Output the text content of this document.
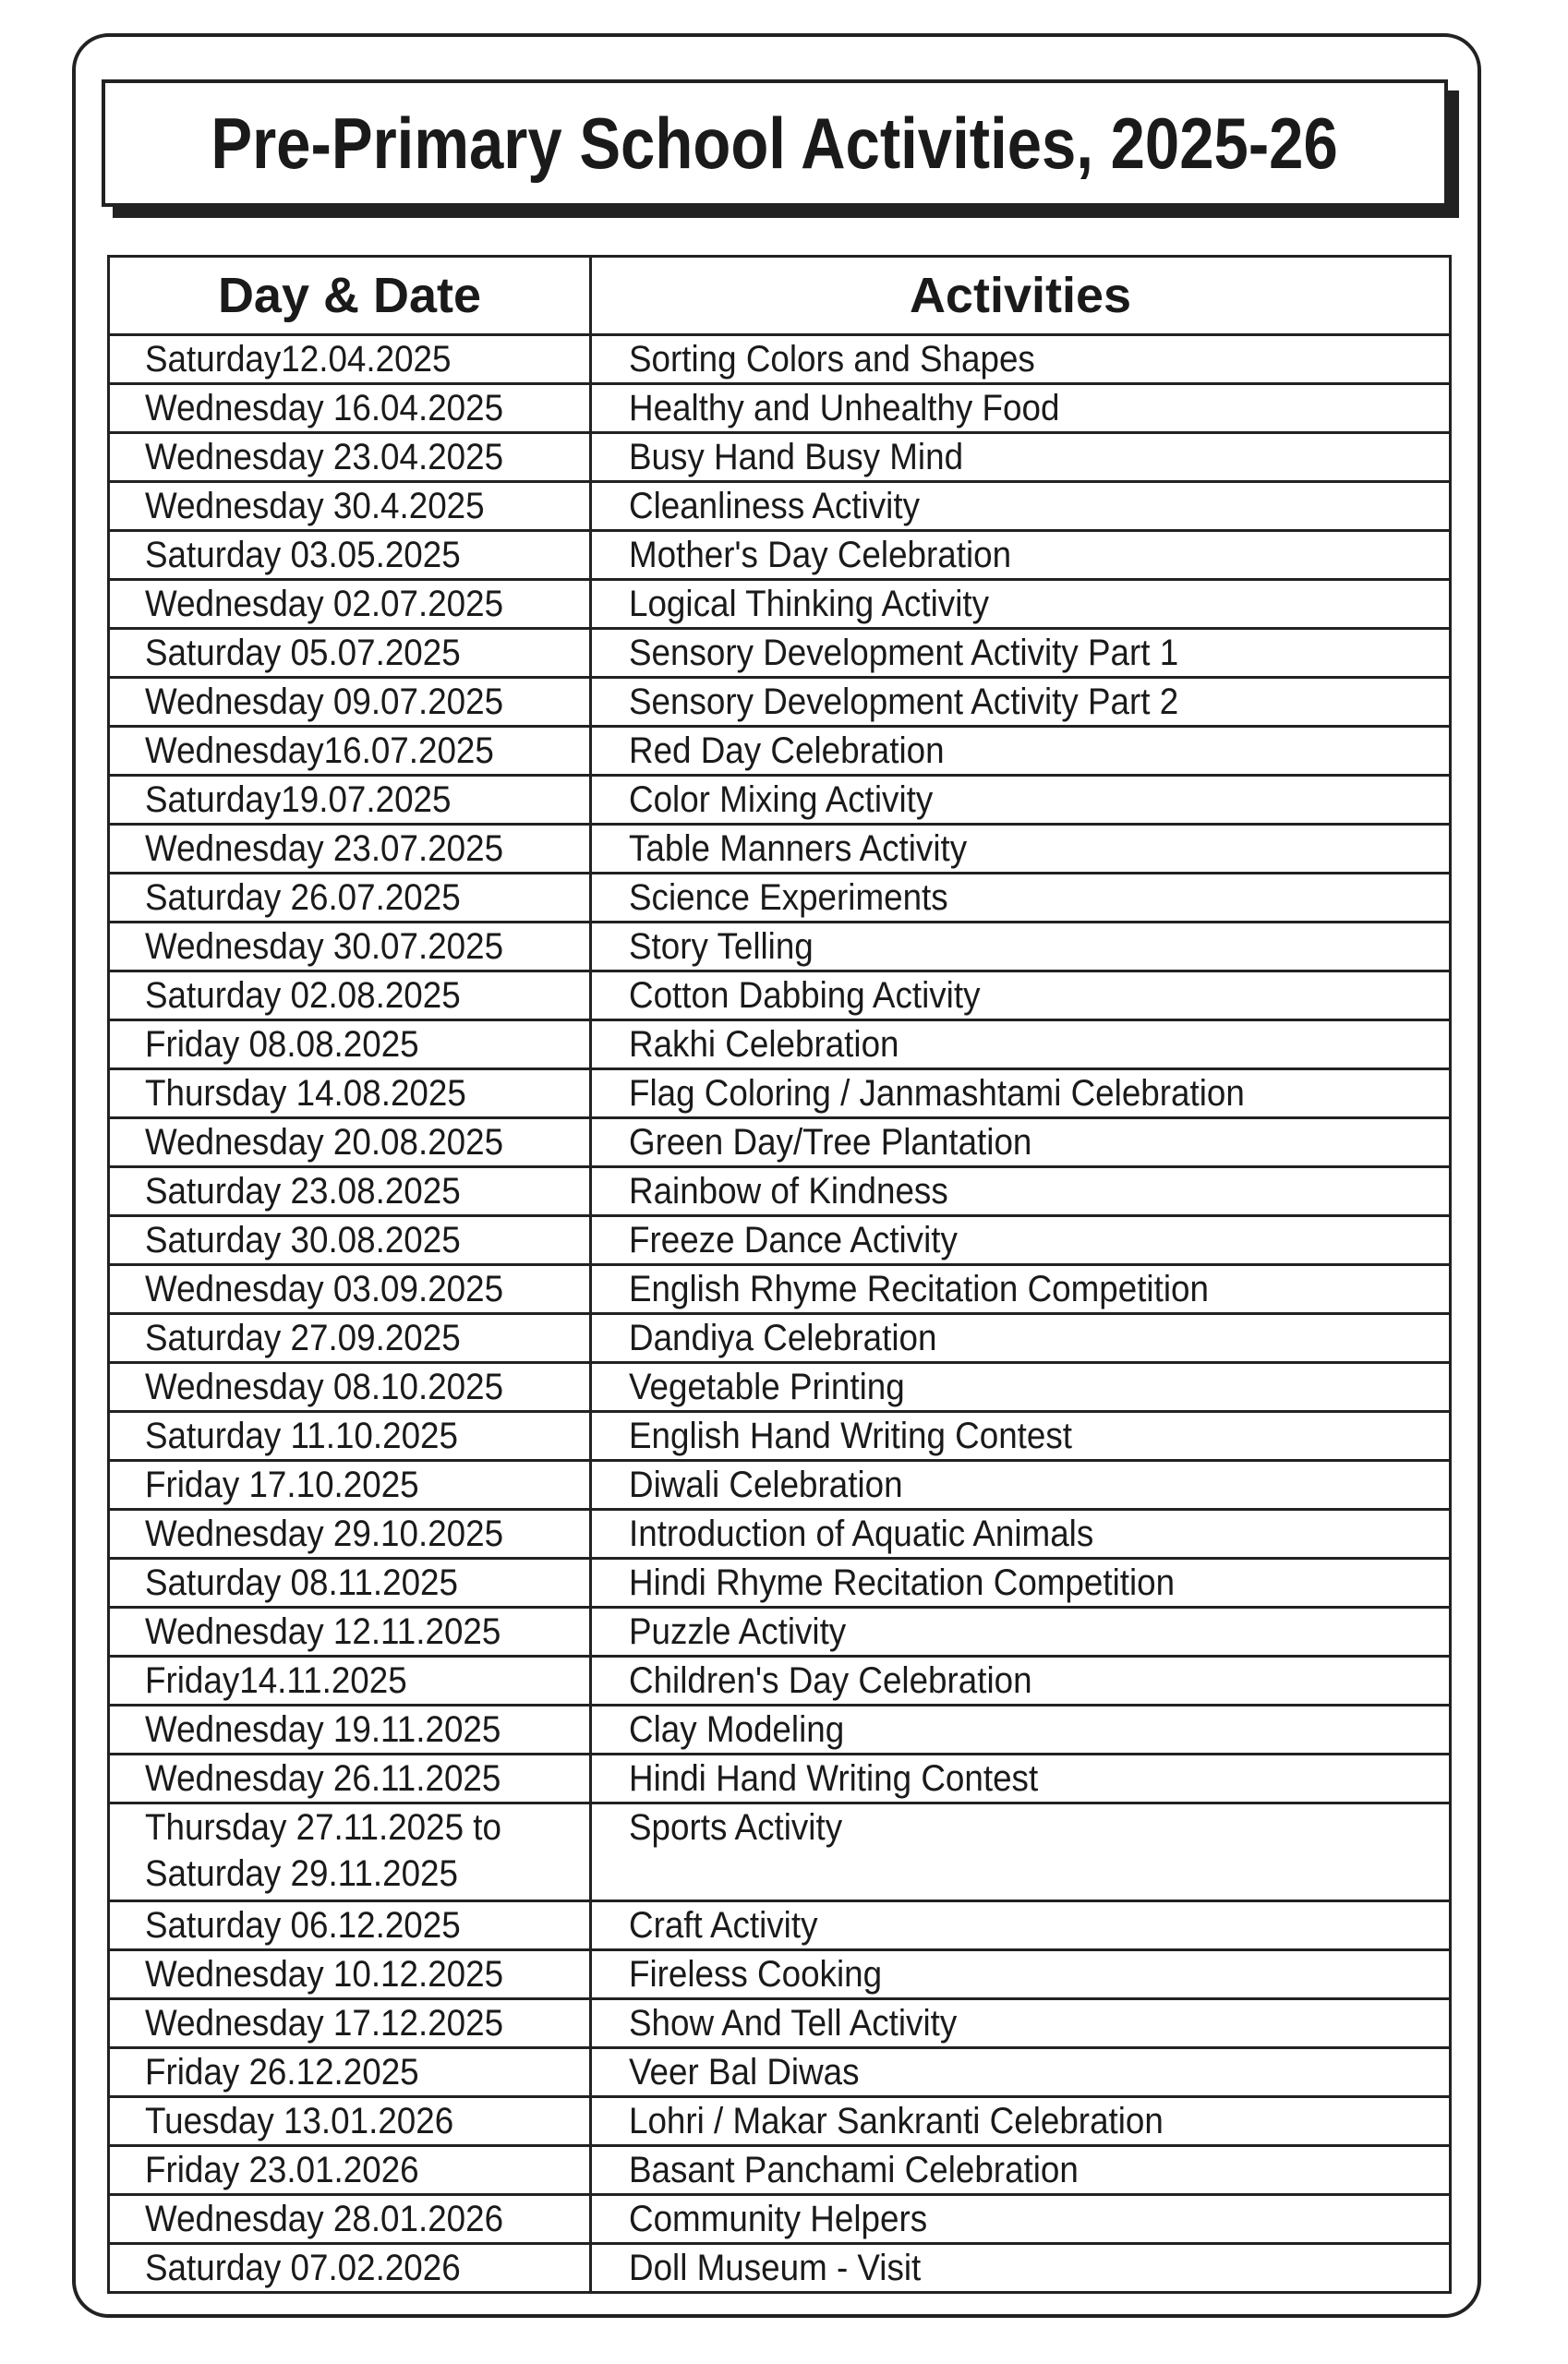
Pre-Primary School Activities, 2025-26
Day & Date	Activities
Saturday12.04.2025	Sorting Colors and Shapes
Wednesday 16.04.2025	Healthy and Unhealthy Food
Wednesday 23.04.2025	Busy Hand Busy Mind
Wednesday 30.4.2025	Cleanliness Activity
Saturday 03.05.2025	Mother's Day Celebration
Wednesday 02.07.2025	Logical Thinking Activity
Saturday 05.07.2025	Sensory Development Activity Part 1
Wednesday 09.07.2025	Sensory Development Activity Part 2
Wednesday16.07.2025	Red Day Celebration
Saturday19.07.2025	Color Mixing Activity
Wednesday 23.07.2025	Table Manners Activity
Saturday 26.07.2025	Science Experiments
Wednesday 30.07.2025	Story Telling
Saturday 02.08.2025	Cotton Dabbing Activity
Friday 08.08.2025	Rakhi Celebration
Thursday 14.08.2025	Flag Coloring / Janmashtami Celebration
Wednesday 20.08.2025	Green Day/Tree Plantation
Saturday 23.08.2025	Rainbow of Kindness
Saturday 30.08.2025	Freeze Dance Activity
Wednesday 03.09.2025	English Rhyme Recitation Competition
Saturday 27.09.2025	Dandiya Celebration
Wednesday 08.10.2025	Vegetable Printing
Saturday 11.10.2025	English Hand Writing Contest
Friday 17.10.2025	Diwali Celebration
Wednesday 29.10.2025	Introduction of Aquatic Animals
Saturday 08.11.2025	Hindi Rhyme Recitation Competition
Wednesday 12.11.2025	Puzzle Activity
Friday14.11.2025	Children's Day Celebration
Wednesday 19.11.2025	Clay Modeling
Wednesday 26.11.2025	Hindi Hand Writing Contest
Thursday 27.11.2025 to
Saturday 29.11.2025	Sports Activity
Saturday 06.12.2025	Craft Activity
Wednesday 10.12.2025	Fireless Cooking
Wednesday 17.12.2025	Show And Tell Activity
Friday 26.12.2025	Veer Bal Diwas
Tuesday 13.01.2026	Lohri / Makar Sankranti Celebration
Friday 23.01.2026	Basant Panchami Celebration
Wednesday 28.01.2026	Community Helpers
Saturday 07.02.2026	Doll Museum - Visit
